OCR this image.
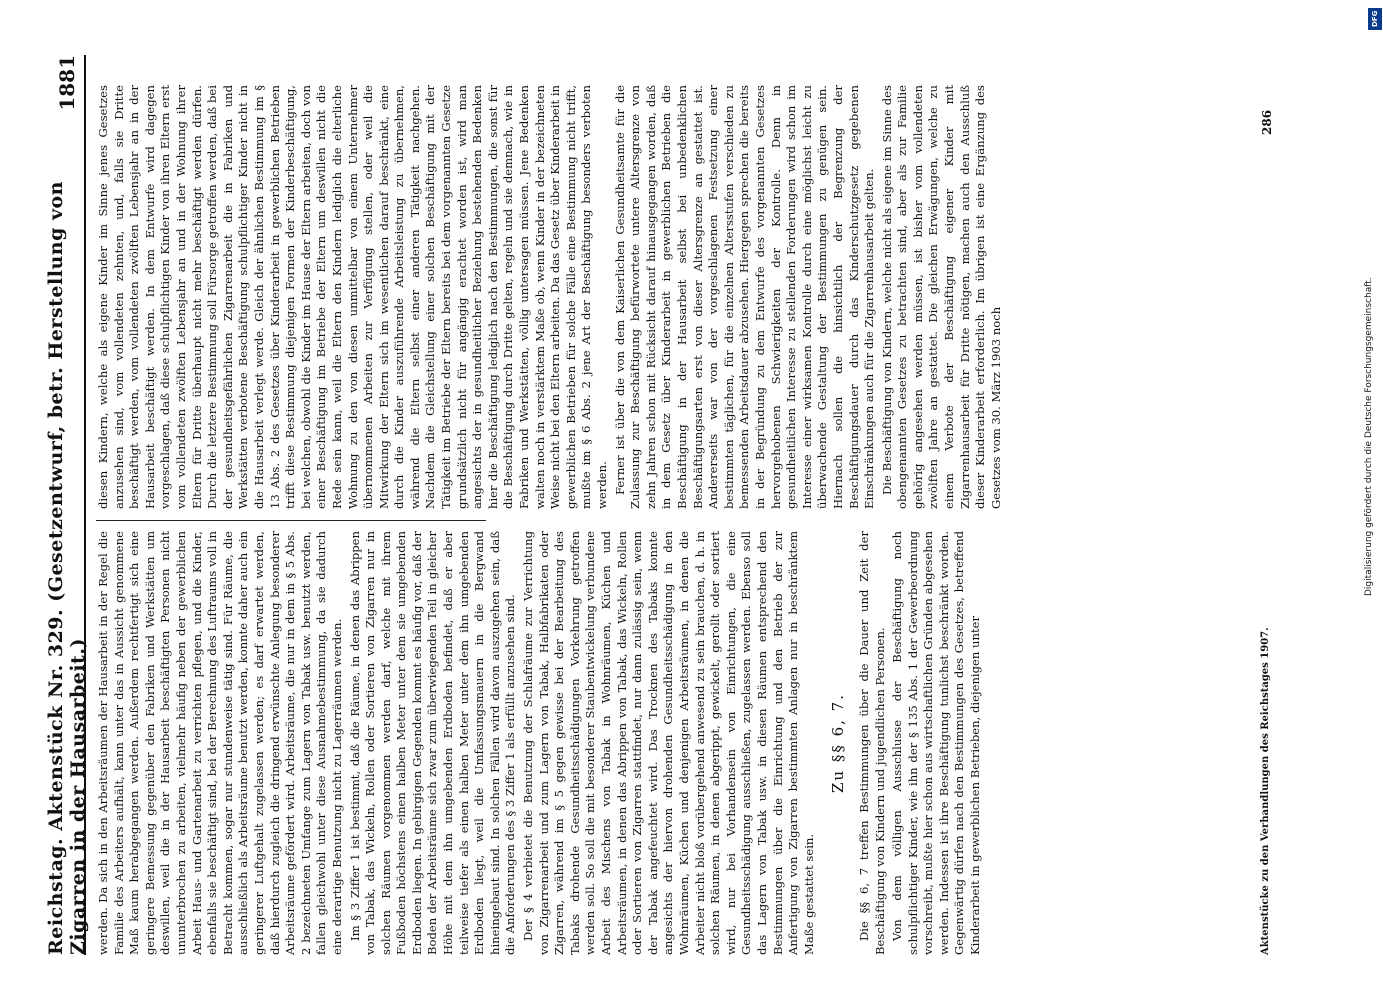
Reichstag. Aktenstück Nr. 329. (Gesetzentwurf, betr. Herstellung von Zigarren in der Hausarbeit.)
1881

werden. Da sich in den Arbeitsräumen der Hausarbeit in der Regel die Familie des Arbeiters aufhält, kann unter das in Aussicht genommene Maß kaum herabgegangen werden. Außerdem rechtfertigt sich eine geringere Bemessung gegenüber den Fabriken und Werkstätten um deswillen, weil die in der Hausarbeit beschäftigten Personen nicht ununterbrochen zu arbeiten, vielmehr häufig neben der gewerblichen Arbeit Haus- und Gartenarbeit zu verrichten pflegen, und die Kinder, ebenfalls sie beschäftigt sind, bei der Berechnung des Luftraums voll in Betracht kommen, sogar nur stundenweise tätig sind. Für Räume, die ausschließlich als Arbeitsräume benutzt werden, konnte daher auch ein geringerer Luftgehalt zugelassen werden; es darf erwartet werden, daß hierdurch zugleich die dringend erwünschte Anlegung besonderer Arbeitsräume gefördert wird. Arbeitsräume, die nur in dem in § 5 Abs. 2 bezeichneten Umfange zum Lagern von Tabak usw. benutzt werden, fallen gleichwohl unter diese Ausnahmebestimmung, da sie dadurch eine derartige Benutzung nicht zu Lagerräumen werden. Im § 3 Ziffer 1 ist bestimmt, daß die Räume, in denen das Abrippen von Tabak, das Wickeln, Rollen oder Sortieren von Zigarren nur in solchen Räumen vorgenommen werden darf, welche mit ihrem Fußboden höchstens einen halben Meter unter dem sie umgebenden Erdboden liegen. In gebirgigen Gegenden kommt es häufig vor, daß der Boden der Arbeitsräume sich zwar zum überwiegenden Teil in gleicher Höhe mit dem ihn umgebenden Erdboden befindet, daß er aber teilweise tiefer als einen halben Meter unter dem ihn umgebenden Erdboden liegt, weil die Umfassungsmauern in die Bergwand hineingebaut sind. In solchen Fällen wird davon auszugehen sein, daß die Anforderungen des § 3 Ziffer 1 als erfüllt anzusehen sind. Der § 4 verbietet die Benutzung der Schlafräume zur Verrichtung von Zigarrenarbeit und zum Lagern von Tabak, Halbfabrikaten oder Zigarren, während im § 5 gegen gewisse bei der Bearbeitung des Tabaks drohende Gesundheitsschädigungen Vorkehrung getroffen werden soll. So soll die mit besonderer Staubentwickelung verbundene Arbeit des Mischens von Tabak in Wohnräumen, Küchen und Arbeitsräumen, in denen das Abrippen von Tabak, das Wickeln, Rollen oder Sortieren von Zigarren stattfindet, nur dann zulässig sein, wenn der Tabak angefeuchtet wird. Das Trocknen des Tabaks konnte angesichts der hiervon drohenden Gesundheitsschädigung in den Wohnräumen, Küchen und denjenigen Arbeitsräumen, in denen die Arbeiter nicht bloß vorübergehend anwesend zu sein brauchen, d. h. in solchen Räumen, in denen abgerippt, gewickelt, gerollt oder sortiert wird, nur bei Vorhandensein von Einrichtungen, die eine Gesundheitsschädigung ausschließen, zugelassen werden. Ebenso soll das Lagern von Tabak usw. in diesen Räumen entsprechend den Bestimmungen über die Einrichtung und den Betrieb der zur Anfertigung von Zigarren bestimmten Anlagen nur in beschränktem Maße gestattet sein.

Zu §§ 6, 7. Die §§ 6, 7 treffen Bestimmungen über die Dauer und Zeit der Beschäftigung von Kindern und jugendlichen Personen. Von dem völligen Ausschlusse der Beschäftigung noch schulpflichtiger Kinder, wie ihn der § 135 Abs. 1 der Gewerbeordnung vorschreibt, mußte hier schon aus wirtschaftlichen Gründen abgesehen werden. Indessen ist ihre Beschäftigung tunlichst beschränkt worden. Gegenwärtig dürfen nach den Bestimmungen des Gesetzes, betreffend Kinderarbeit in gewerblichen Betrieben, diejenigen unter

diesen Kindern, welche als eigene Kinder im Sinne jenes Gesetzes anzusehen sind, vom vollendeten zehnten, und, falls sie Dritte beschäftigt werden, vom vollendeten zwölften Lebensjahr an in der Hausarbeit beschäftigt werden. In dem Entwurfe wird dagegen vorgeschlagen, daß diese schulpflichtigen Kinder von ihren Eltern erst vom vollendeten zwölften Lebensjahr an und in der Wohnung ihrer Eltern für Dritte überhaupt nicht mehr beschäftigt werden dürfen. Durch die letztere Bestimmung soll Fürsorge getroffen werden, daß bei der gesundheitsgefährlichen Zigarrenarbeit die in Fabriken und Werkstätten verbotene Beschäftigung schulpflichtiger Kinder nicht in die Hausarbeit verlegt werde. Gleich der ähnlichen Bestimmung im § 13 Abs. 2 des Gesetzes über Kinderarbeit in gewerblichen Betrieben trifft diese Bestimmung diejenigen Formen der Kinderbeschäftigung, bei welchen, obwohl die Kinder im Hause der Eltern arbeiten, doch von einer Beschäftigung im Betriebe der Eltern um deswillen nicht die Rede sein kann, weil die Eltern den Kindern lediglich die elterliche Wohnung zu den von diesen unmittelbar von einem Unternehmer übernommenen Arbeiten zur Verfügung stellen, oder weil die Mitwirkung der Eltern sich im wesentlichen darauf beschränkt, eine durch die Kinder auszuführende Arbeitsleistung zu übernehmen, während die Eltern selbst einer anderen Tätigkeit nachgehen. Nachdem die Gleichstellung einer solchen Beschäftigung mit der Tätigkeit im Betriebe der Eltern bereits bei dem vorgenannten Gesetze grundsätzlich nicht für angängig erachtet worden ist, wird man angesichts der in gesundheitlicher Beziehung bestehenden Bedenken hier die Beschäftigung lediglich nach den Bestimmungen, die sonst für die Beschäftigung durch Dritte gelten, regeln und sie demnach, wie in Fabriken und Werkstätten, völlig untersagen müssen. Jene Bedenken walten noch in verstärktem Maße ob, wenn Kinder in der bezeichneten Weise nicht bei den Eltern arbeiten. Da das Gesetz über Kinderarbeit in gewerblichen Betrieben für solche Fälle eine Bestimmung nicht trifft, mußte im § 6 Abs. 2 jene Art der Beschäftigung besonders verboten werden. Ferner ist über die von dem Kaiserlichen Gesundheitsamte für die Zulassung zur Beschäftigung befürwortete untere Altersgrenze von zehn Jahren schon mit Rücksicht darauf hinausgegangen worden, daß in dem Gesetz über Kinderarbeit in gewerblichen Betrieben die Beschäftigung in der Hausarbeit selbst bei unbedenklichen Beschäftigungsarten erst von dieser Altersgrenze an gestattet ist. Andererseits war von der vorgeschlagenen Festsetzung einer bestimmten täglichen, für die einzelnen Altersstufen verschieden zu bemessenden Arbeitsdauer abzusehen. Hiergegen sprechen die bereits in der Begründung zu dem Entwurfe des vorgenannten Gesetzes hervorgehobenen Schwierigkeiten der Kontrolle. Denn in gesundheitlichen Interesse zu stellenden Forderungen wird schon im Interesse einer wirksamen Kontrolle durch eine möglichst leicht zu überwachende Gestaltung der Bestimmungen zu genügen sein. Hiernach sollen die hinsichtlich der Begrenzung der Beschäftigungsdauer durch das Kinderschutzgesetz gegebenen Einschränkungen auch für die Zigarrenhausarbeit gelten. Die Beschäftigung von Kindern, welche nicht als eigene im Sinne des obengenannten Gesetzes zu betrachten sind, aber als zur Familie gehörig angesehen werden müssen, ist bisher vom vollendeten zwölften Jahre an gestattet. Die gleichen Erwägungen, welche zu einem Verbote der Beschäftigung eigener Kinder mit Zigarrenhausarbeit für Dritte nötigen, machen auch den Ausschluß dieser Kinderarbeit erforderlich. Im übrigen ist eine Ergänzung des Gesetzes vom 30. März 1903 noch

Aktenstücke zu den Verhandlungen des Reichstages 1907.
286
DFG
Digitalisierung gefördert durch die Deutsche Forschungsgemeinschaft.
